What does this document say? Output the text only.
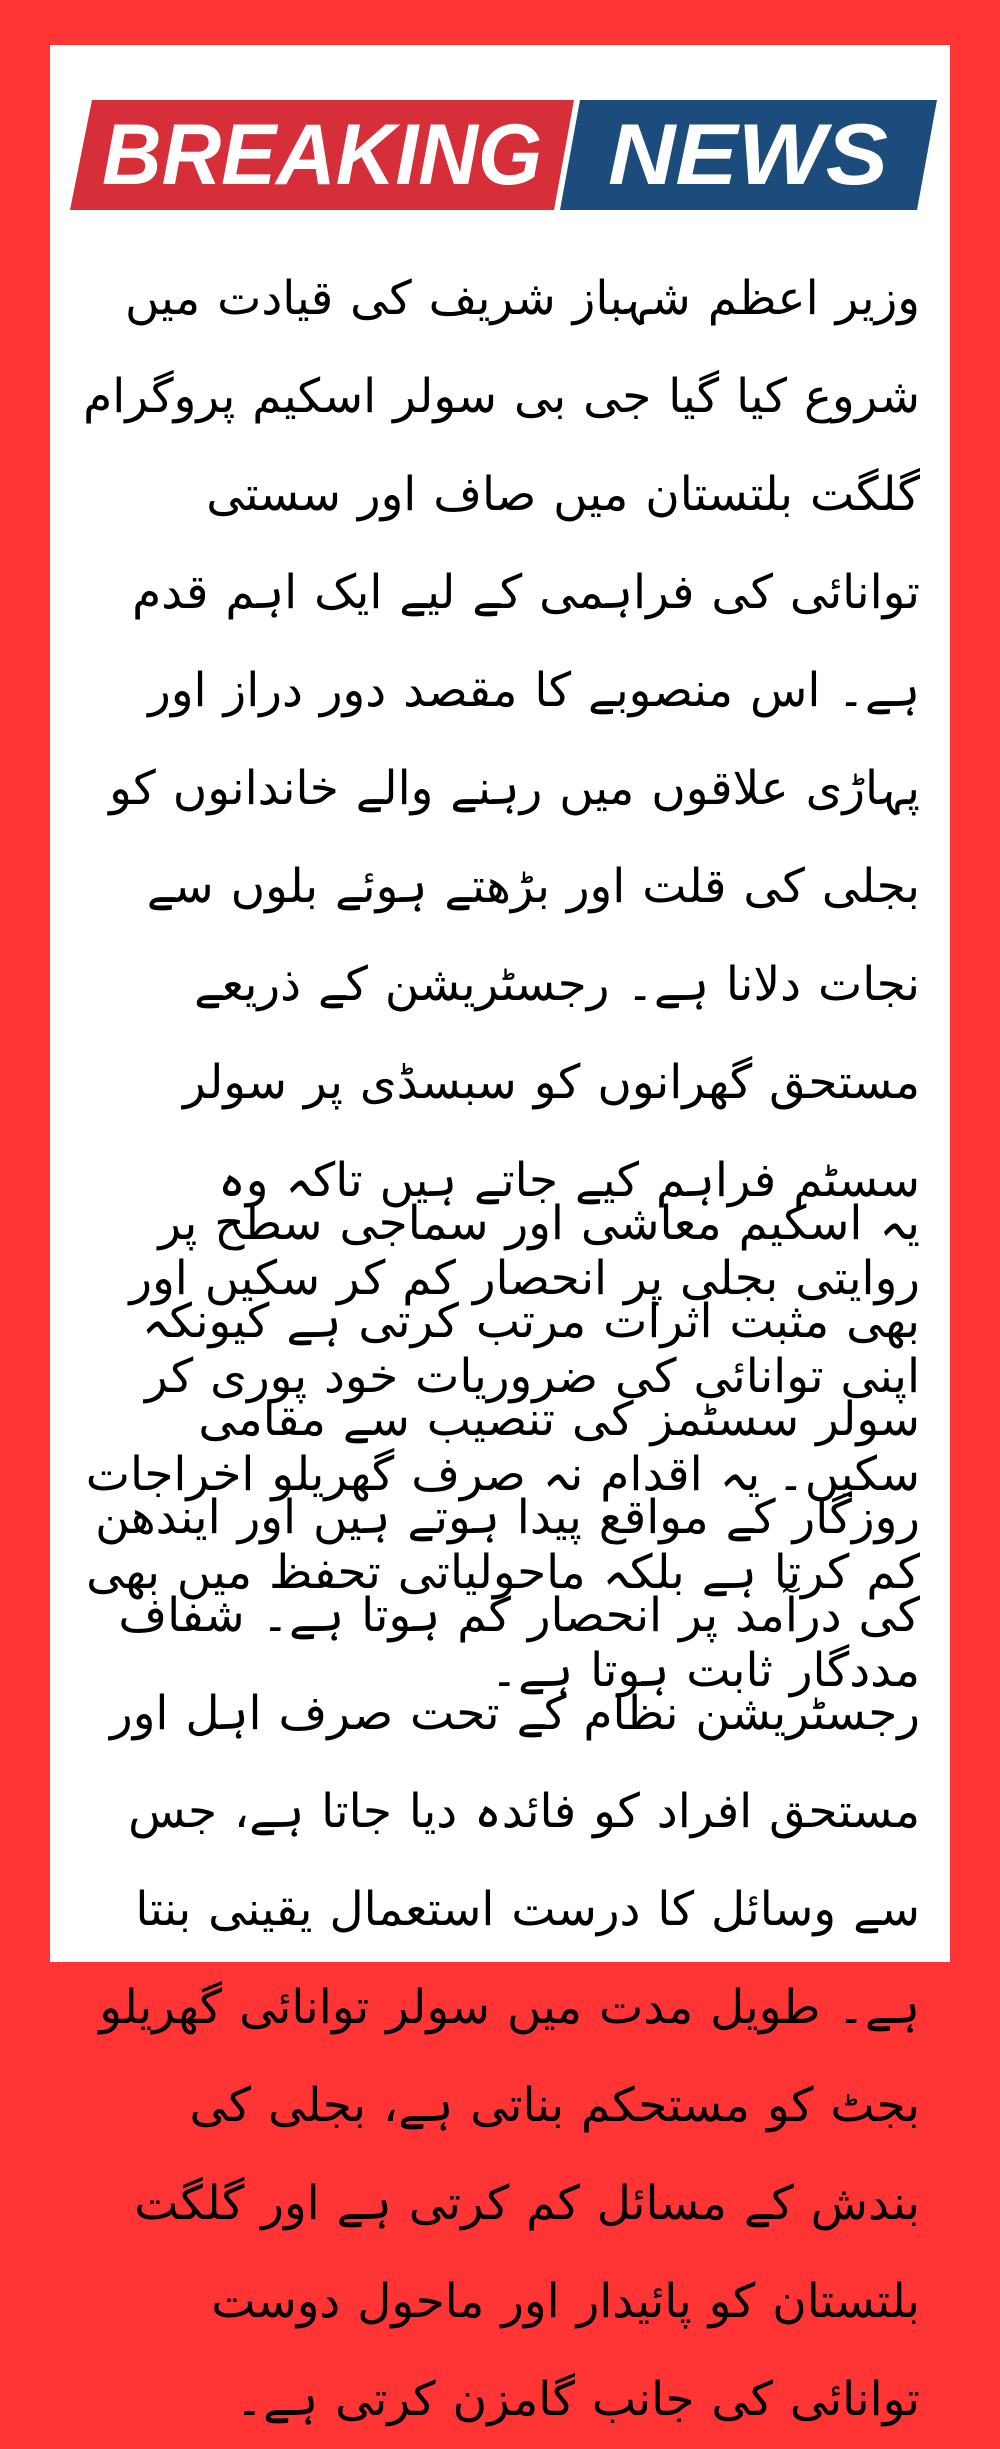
BREAKING NEWS

وزیر اعظم شہباز شریف کی قیادت میں شروع کیا گیا جی بی سولر اسکیم پروگرام گلگت بلتستان میں صاف اور سستی توانائی کی فراہمی کے لیے ایک اہم قدم ہے۔ اس منصوبے کا مقصد دور دراز اور پہاڑی علاقوں میں رہنے والے خاندانوں کو بجلی کی قلت اور بڑھتے ہوئے بلوں سے نجات دلانا ہے۔ رجسٹریشن کے ذریعے مستحق گھرانوں کو سبسڈی پر سولر سسٹم فراہم کیے جاتے ہیں تاکہ وہ روایتی بجلی پر انحصار کم کر سکیں اور اپنی توانائی کی ضروریات خود پوری کر سکیں۔ یہ اقدام نہ صرف گھریلو اخراجات کم کرتا ہے بلکہ ماحولیاتی تحفظ میں بھی مددگار ثابت ہوتا ہے۔

یہ اسکیم معاشی اور سماجی سطح پر بھی مثبت اثرات مرتب کرتی ہے کیونکہ سولر سسٹمز کی تنصیب سے مقامی روزگار کے مواقع پیدا ہوتے ہیں اور ایندھن کی درآمد پر انحصار کم ہوتا ہے۔ شفاف رجسٹریشن نظام کے تحت صرف اہل اور مستحق افراد کو فائدہ دیا جاتا ہے، جس سے وسائل کا درست استعمال یقینی بنتا ہے۔ طویل مدت میں سولر توانائی گھریلو بجٹ کو مستحکم بناتی ہے، بجلی کی بندش کے مسائل کم کرتی ہے اور گلگت بلتستان کو پائیدار اور ماحول دوست توانائی کی جانب گامزن کرتی ہے۔
